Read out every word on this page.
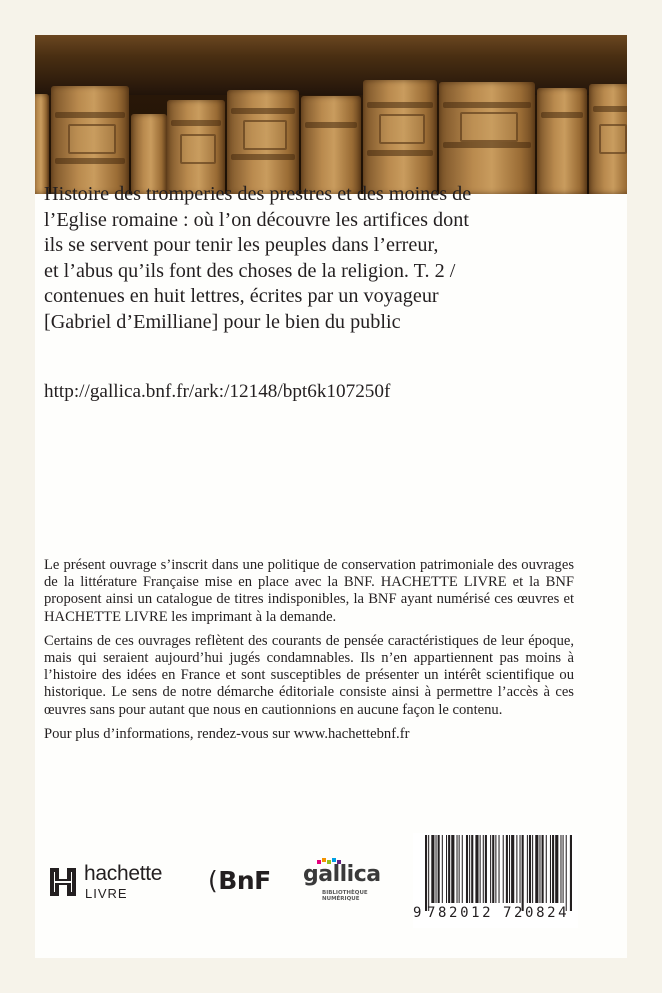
Histoire des tromperies des prestres et des moines de
l’Eglise romaine : où l’on découvre les artifices dont
ils se servent pour tenir les peuples dans l’erreur,
et l’abus qu’ils font des choses de la religion. T. 2 /
contenues en huit lettres, écrites par un voyageur
[Gabriel d’Emilliane] pour le bien du public
http://gallica.bnf.fr/ark:/12148/bpt6k107250f

Le présent ouvrage s’inscrit dans une politique de conservation patrimoniale des ouvrages de la littérature Française mise en place avec la BNF. HACHETTE LIVRE et la BNF proposent ainsi un catalogue de titres indisponibles, la BNF ayant numérisé ces œuvres et HACHETTE LIVRE les imprimant à la demande.

Certains de ces ouvrages reflètent des courants de pensée caractéristiques de leur époque, mais qui seraient aujourd’hui jugés condamnables. Ils n’en appartiennent pas moins à l’histoire des idées en France et sont susceptibles de présenter un intérêt scientifique ou historique. Le sens de notre démarche éditoriale consiste ainsi à permettre l’accès à ces œuvres sans pour autant que nous en cautionnions en aucune façon le contenu.

Pour plus d’informations, rendez-vous sur www.hachettebnf.fr

hachette
LIVRE	(BnF gallica
BIBLIOTHÈQUE
NUMÉRIQUE
9 782012 720824
